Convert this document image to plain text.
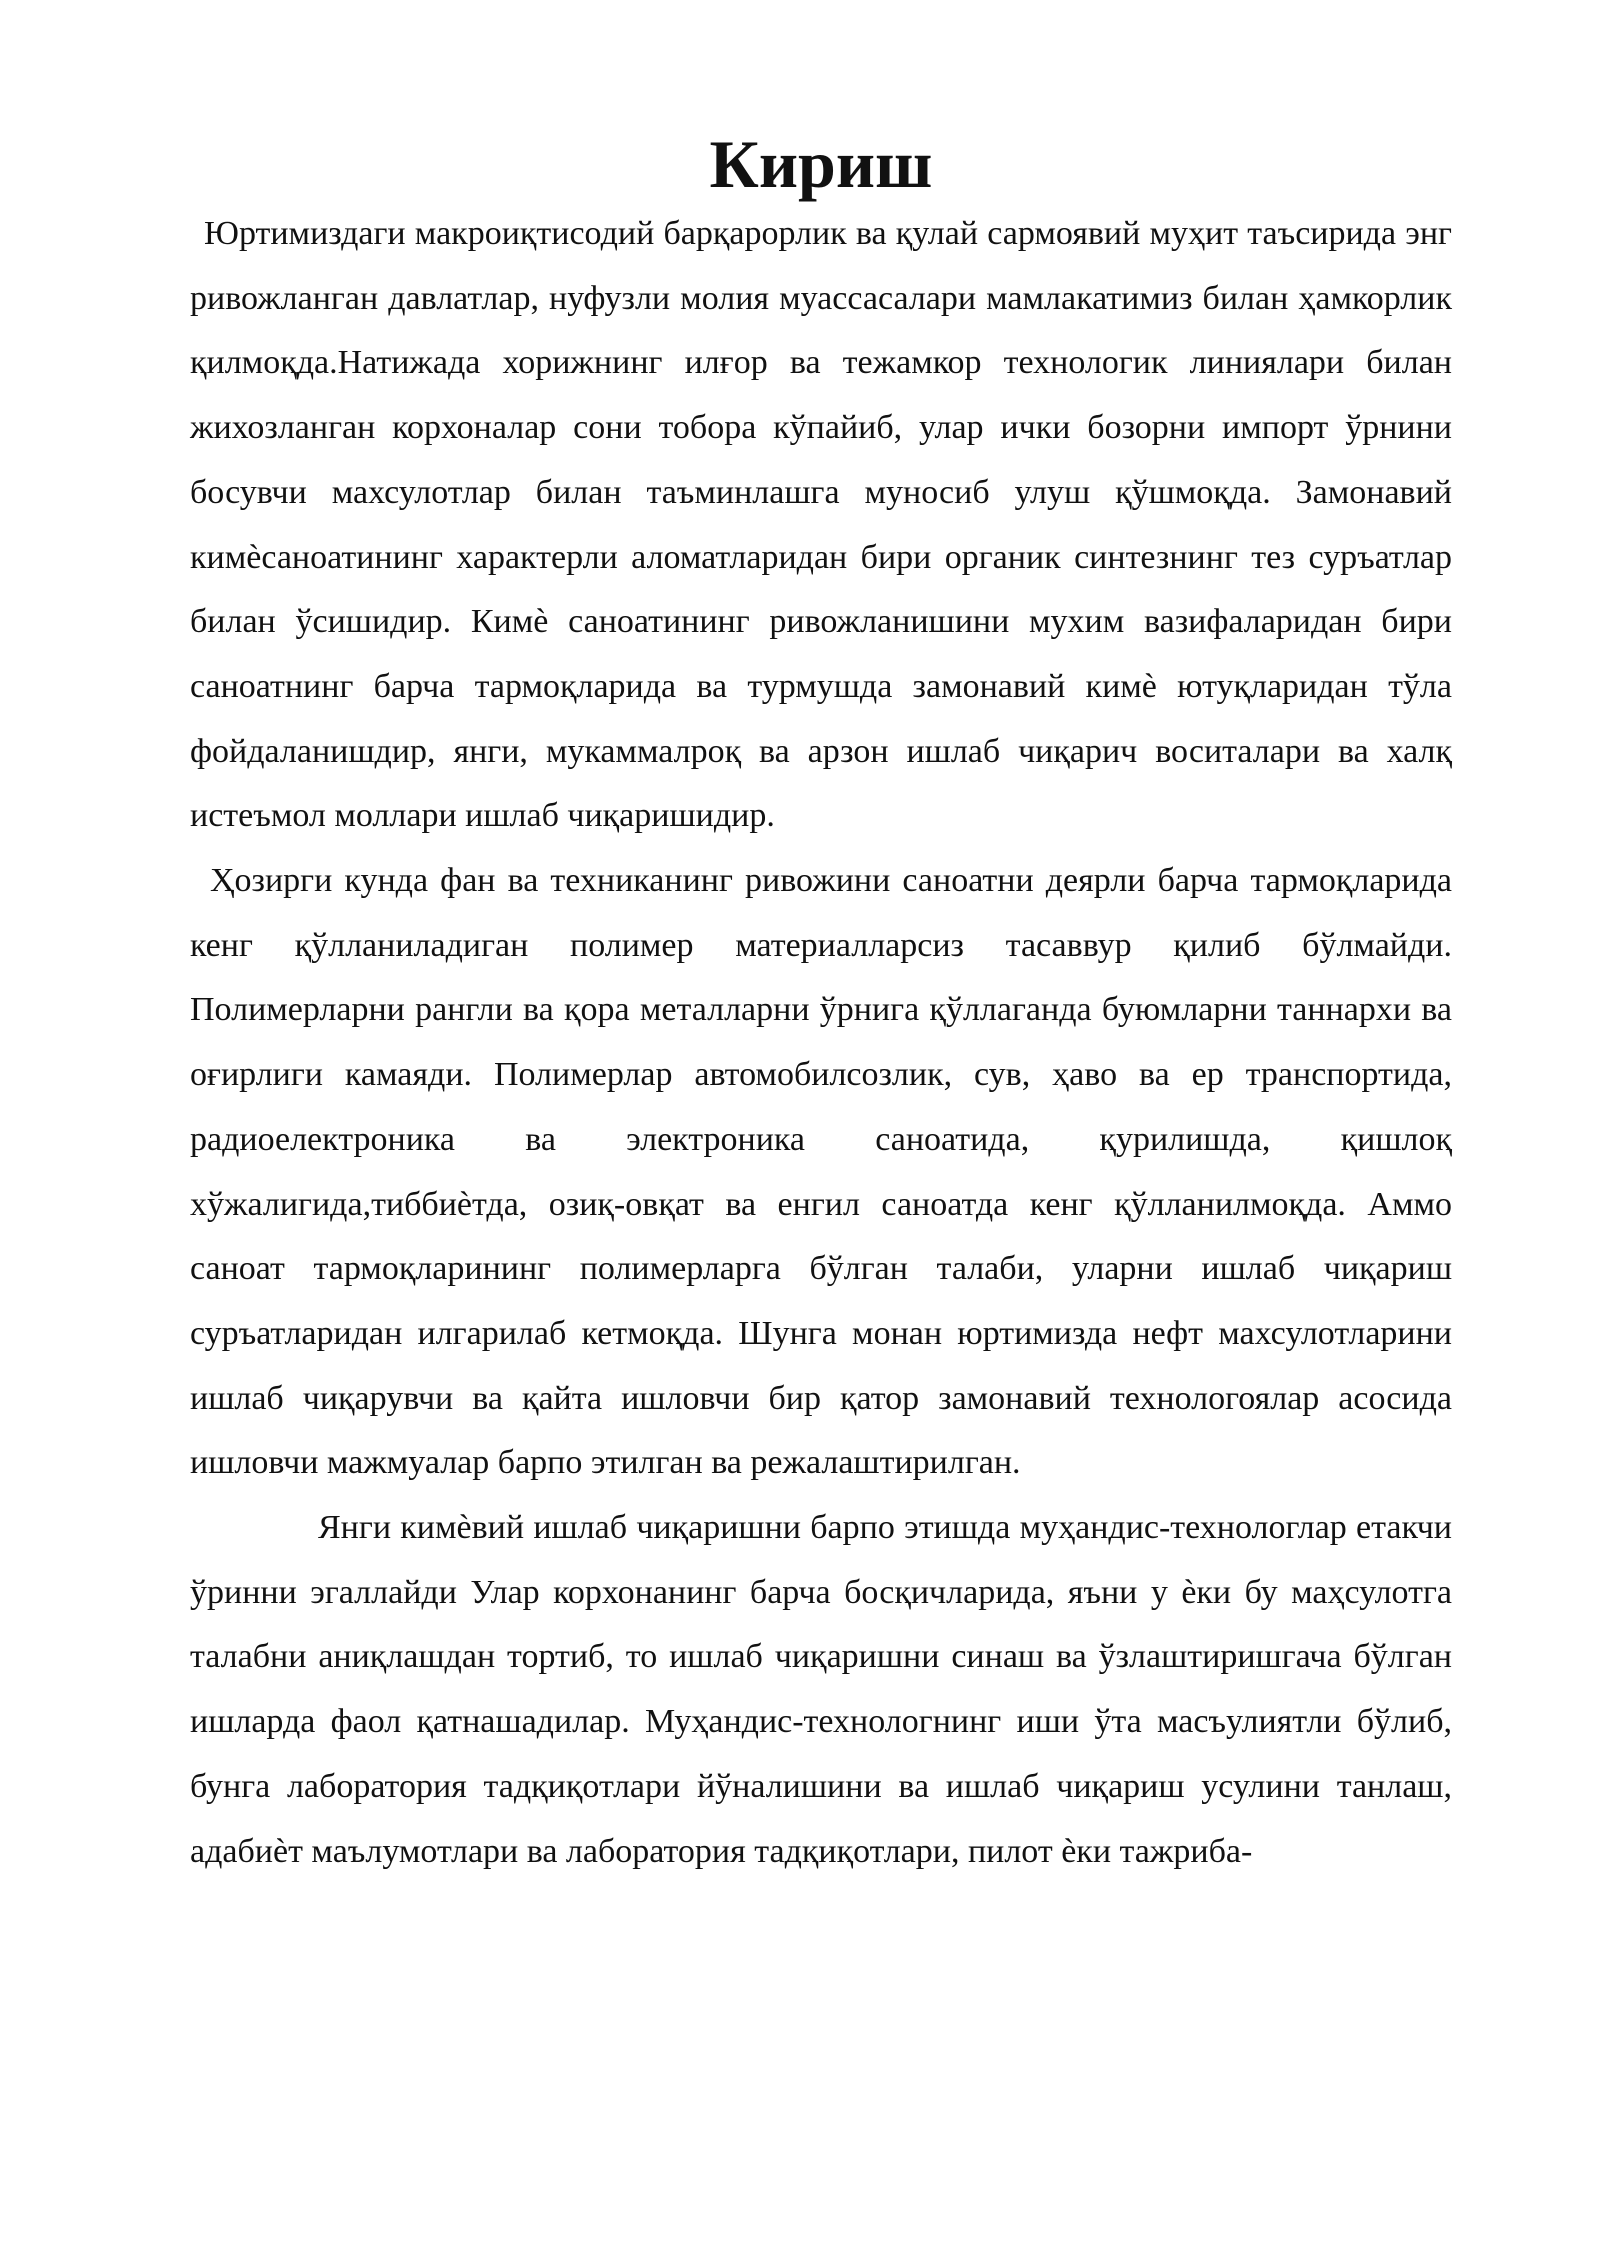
Кириш

Юртимиздаги макроиқтисодий барқарорлик ва қулай сармоявий муҳит таъсирида энг ривожланган давлатлар, нуфузли молия муассасалари мамлакатимиз билан ҳамкорлик қилмоқда.Натижада хорижнинг илғор ва тежамкор технологик линиялари билан жихозланган корхоналар сони тобора кўпайиб, улар ички бозорни импорт ўрнини босувчи махсулотлар билан таъминлашга муносиб улуш қўшмоқда. Замонавий кимѐсаноатининг характерли аломатларидан бири органик синтезнинг тез суръатлар билан ўсишидир. Кимѐ саноатининг ривожланишини мухим вазифаларидан бири саноатнинг барча тармоқларида ва турмушда замонавий кимѐ ютуқларидан тўла фойдаланишдир, янги, мукаммалроқ ва арзон ишлаб чиқарич воситалари ва халқ истеъмол моллари ишлаб чиқаришидир.

Ҳозирги кунда фан ва техниканинг ривожини саноатни деярли барча тармоқларида кенг қўлланиладиган полимер материалларсиз тасаввур қилиб бўлмайди. Полимерларни рангли ва қора металларни ўрнига қўллаганда буюмларни таннархи ва оғирлиги камаяди. Полимерлар автомобилсозлик, сув, ҳаво ва ер транспортида, радиоелектроника ва электроника саноатида, қурилишда, қишлоқ хўжалигида,тиббиѐтда, озиқ-овқат ва енгил саноатда кенг қўлланилмоқда. Аммо саноат тармоқларининг полимерларга бўлган талаби, уларни ишлаб чиқариш суръатларидан илгарилаб кетмоқда. Шунга монан юртимизда нефт махсулотларини ишлаб чиқарувчи ва қайта ишловчи бир қатор замонавий технологоялар асосида ишловчи мажмуалар барпо этилган ва режалаштирилган.

Янги кимѐвий ишлаб чиқаришни барпо этишда муҳандис-технологлар етакчи ўринни эгаллайди Улар корхонанинг барча босқичларида, яъни у ѐки бу маҳсулотга талабни аниқлашдан тортиб, то ишлаб чиқаришни синаш ва ўзлаштиришгача бўлган ишларда фаол қатнашадилар. Муҳандис-технологнинг иши ўта масъулиятли бўлиб, бунга лаборатория тадқиқотлари йўналишини ва ишлаб чиқариш усулини танлаш, адабиѐт маълумотлари ва лаборатория тадқиқотлари, пилот ѐки тажриба-
